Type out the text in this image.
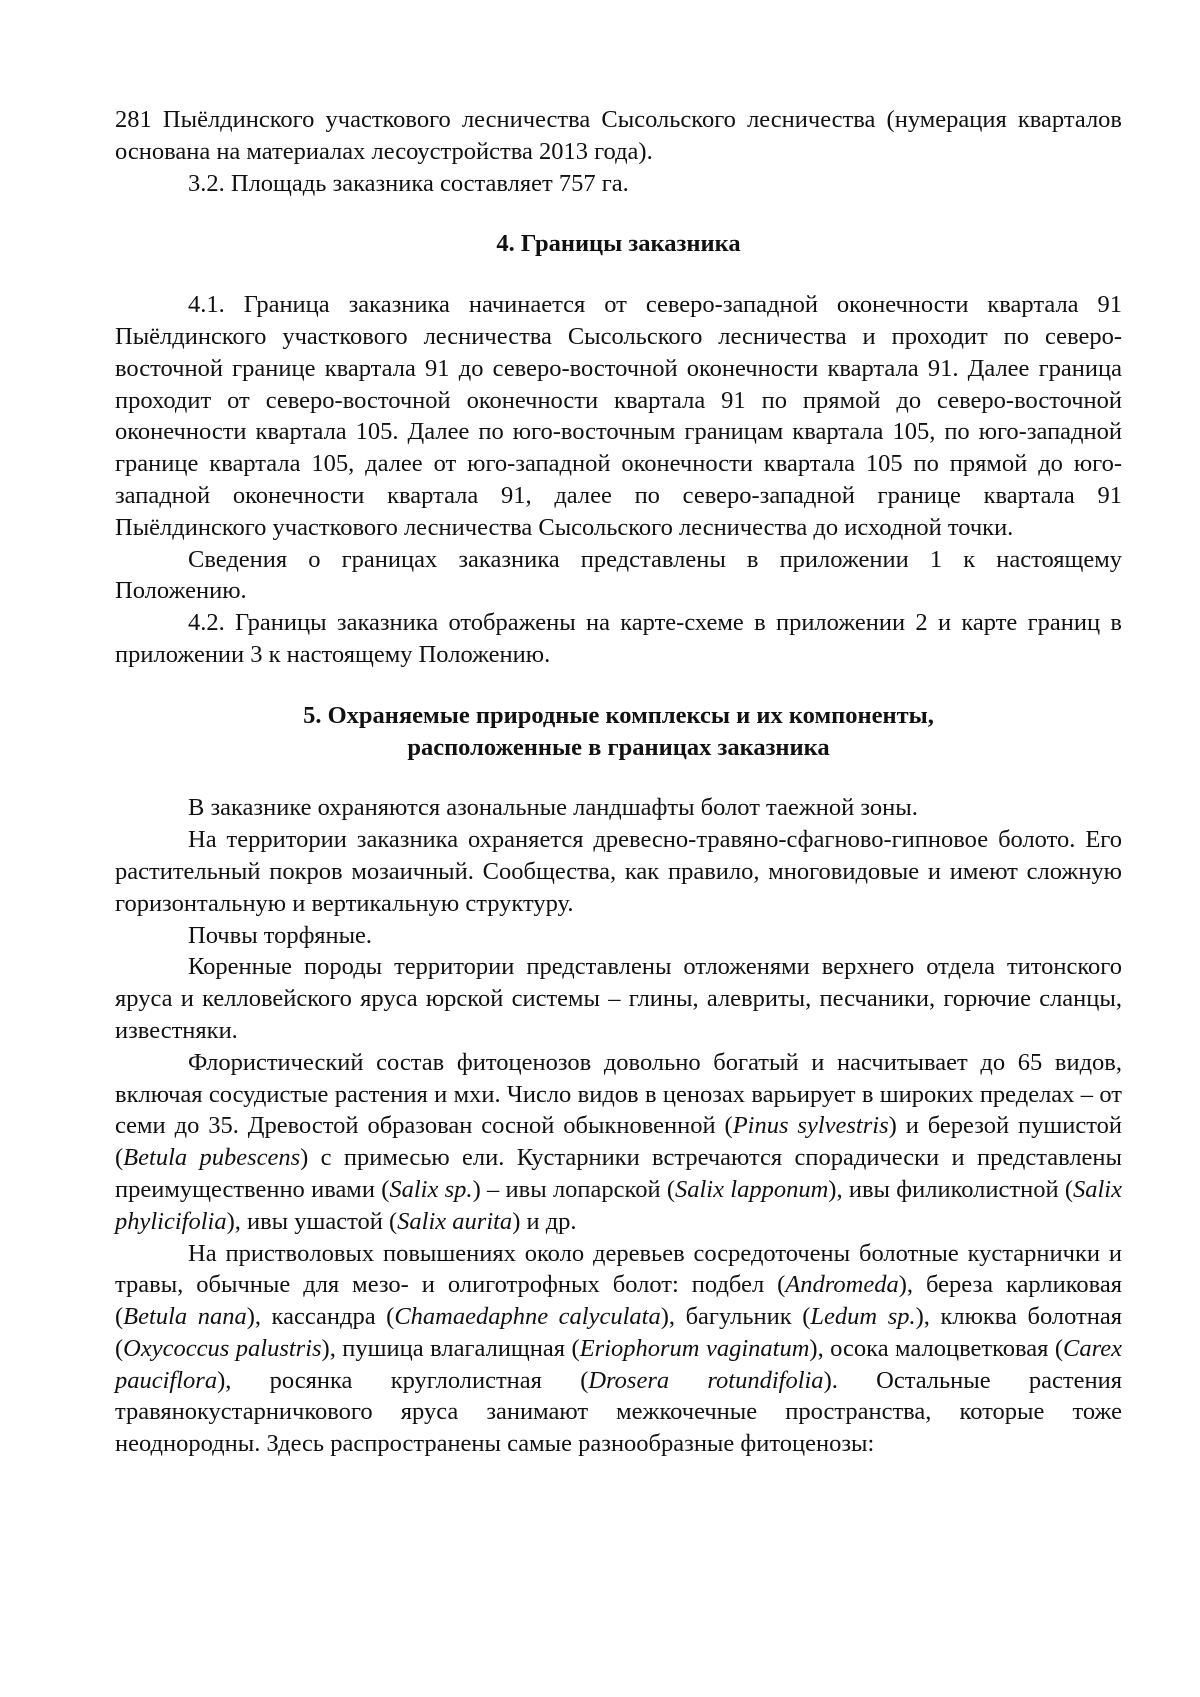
281 Пыёлдинского участкового лесничества Сысольского лесничества (нумерация кварталов основана на материалах лесоустройства 2013 года).

3.2. Площадь заказника составляет 757 га.

4. Границы заказника

4.1. Граница заказника начинается от северо-западной оконечности квартала 91 Пыёлдинского участкового лесничества Сысольского лесничества и проходит по северо-восточной границе квартала 91 до северо-восточной оконечности квартала 91. Далее граница проходит от северо-восточной оконечности квартала 91 по прямой до северо-восточной оконечности квартала 105. Далее по юго-восточным границам квартала 105, по юго-западной границе квартала 105, далее от юго-западной оконечности квартала 105 по прямой до юго-западной оконечности квартала 91, далее по северо-западной границе квартала 91 Пыёлдинского участкового лесничества Сысольского лесничества до исходной точки.

Сведения о границах заказника представлены в приложении 1 к настоящему Положению.

4.2. Границы заказника отображены на карте-схеме в приложении 2 и карте границ в приложении 3 к настоящему Положению.

5. Охраняемые природные комплексы и их компоненты,
расположенные в границах заказника

В заказнике охраняются азональные ландшафты болот таежной зоны.

На территории заказника охраняется древесно-травяно-сфагново-гипновое болото. Его растительный покров мозаичный. Сообщества, как правило, многовидовые и имеют сложную горизонтальную и вертикальную структуру.

Почвы торфяные.

Коренные породы территории представлены отложенями верхнего отдела титонского яруса и келловейского яруса юрской системы – глины, алевриты, песчаники, горючие сланцы, известняки.

Флористический состав фитоценозов довольно богатый и насчитывает до 65 видов, включая сосудистые растения и мхи. Число видов в ценозах варьирует в широких пределах – от семи до 35. Древостой образован сосной обыкновенной (Pinus sylvestris) и березой пушистой (Betula pubescens) с примесью ели. Кустарники встречаются спорадически и представлены преимущественно ивами (Salix sp.) – ивы лопарской (Salix lapponum), ивы филиколистной (Salix phylicifolia), ивы ушастой (Salix aurita) и др.

На приствoловых повышениях около деревьев сосредоточены болотные кустарнички и травы, обычные для мезо- и олиготрофных болот: подбел (Andromeda), береза карликовая (Betula nana), кассандра (Chamaedaphne calyculata), багульник (Ledum sp.), клюква болотная (Oxycoccus palustris), пушица влагалищная (Eriophorum vaginatum), осока малоцветковая (Carex pauciflora), росянка круглолистная (Drosera rotundifolia). Остальные растения травянокустарничкового яруса занимают межкочечные пространства, которые тоже неоднородны. Здесь распространены самые разнообразные фитоценозы:
